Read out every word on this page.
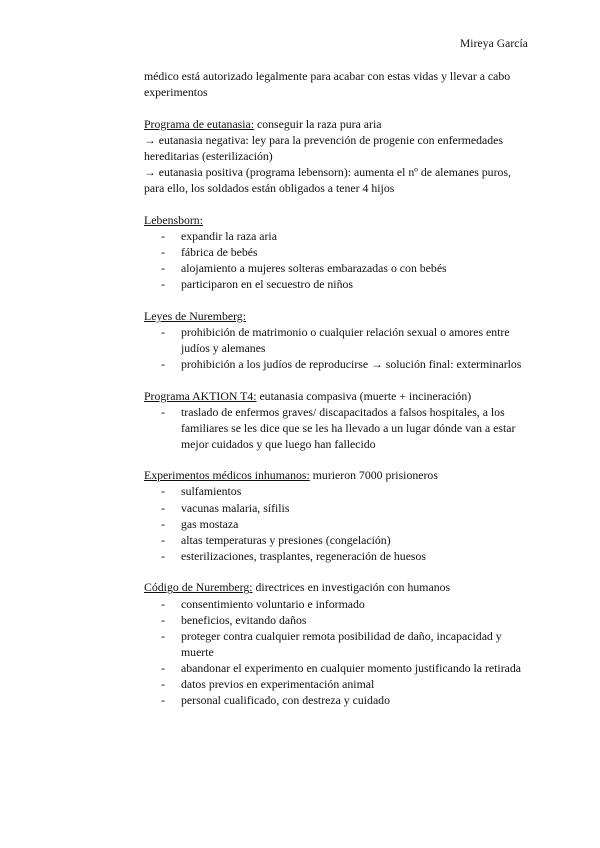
Mireya García

médico está autorizado legalmente para acabar con estas vidas y llevar a cabo experimentos

Programa de eutanasia: conseguir la raza pura aria

→ eutanasia negativa: ley para la prevención de progenie con enfermedades hereditarias (esterilización)

→ eutanasia positiva (programa lebensorn): aumenta el nº de alemanes puros, para ello, los soldados están obligados a tener 4 hijos

Lebensborn:

- expandir la raza aria
- fábrica de bebés
- alojamiento a mujeres solteras embarazadas o con bebés
- participaron en el secuestro de niños

Leyes de Nuremberg:

- prohibición de matrimonio o cualquier relación sexual o amores entre judíos y alemanes
- prohibición a los judíos de reproducirse → solución final: exterminarlos

Programa AKTION T4: eutanasia compasiva (muerte + incineración)

- traslado de enfermos graves/ discapacitados a falsos hospitales, a los familiares se les dice que se les ha llevado a un lugar dónde van a estar mejor cuidados y que luego han fallecido

Experimentos médicos inhumanos: murieron 7000 prisioneros

- sulfamientos
- vacunas malaria, sífilis
- gas mostaza
- altas temperaturas y presiones (congelación)
- esterilizaciones, trasplantes, regeneración de huesos

Código de Nuremberg: directrices en investigación con humanos

- consentimiento voluntario e informado
- beneficios, evitando daños
- proteger contra cualquier remota posibilidad de daño, incapacidad y muerte
- abandonar el experimento en cualquier momento justificando la retirada
- datos previos en experimentación animal
- personal cualificado, con destreza y cuidado
